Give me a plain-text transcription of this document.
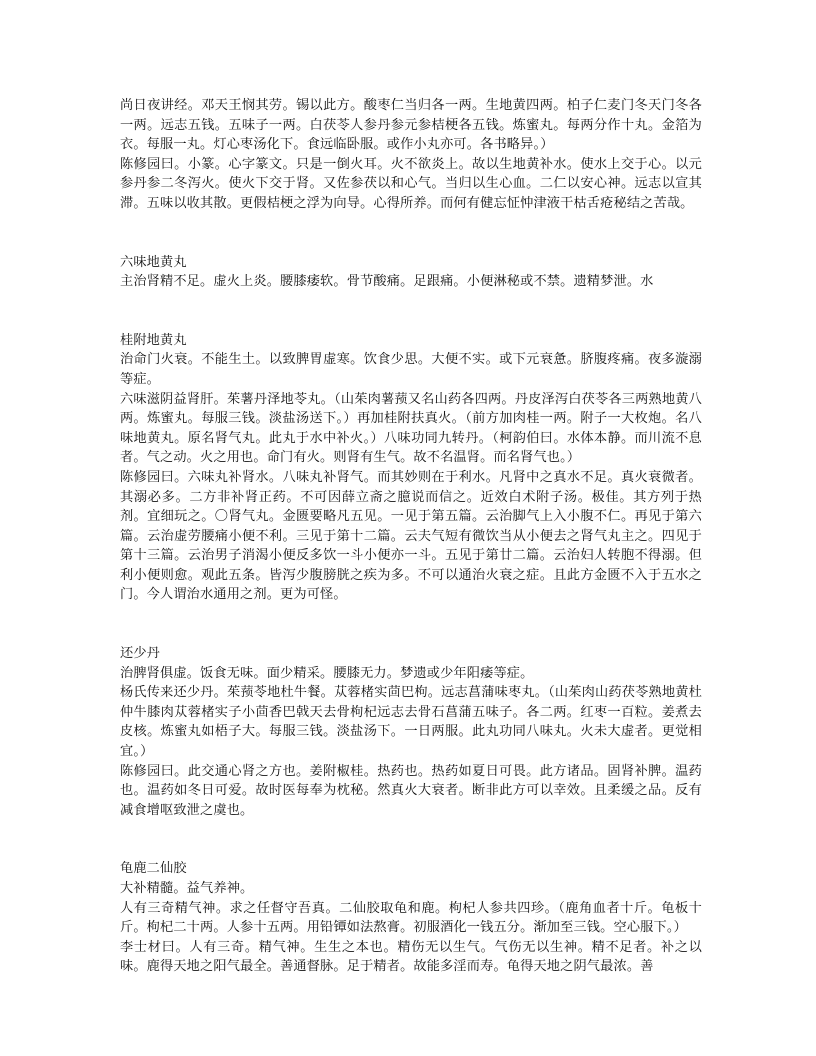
尚日夜讲经。邓天王悯其劳。锡以此方。酸枣仁当归各一两。生地黄四两。柏子仁麦门冬天门冬各一两。远志五钱。五味子一两。白茯苓人参丹参元参桔梗各五钱。炼蜜丸。每两分作十丸。金箔为衣。每服一丸。灯心枣汤化下。食远临卧服。或作小丸亦可。各书略异。）

陈修园曰。小篆。心字篆文。只是一倒火耳。火不欲炎上。故以生地黄补水。使水上交于心。以元参丹参二冬泻火。使火下交于肾。又佐参茯以和心气。当归以生心血。二仁以安心神。远志以宣其滞。五味以收其散。更假桔梗之浮为向导。心得所养。而何有健忘怔忡津液干枯舌疮秘结之苦哉。

六味地黄丸

主治肾精不足。虚火上炎。腰膝痿软。骨节酸痛。足跟痛。小便淋秘或不禁。遗精梦泄。水

桂附地黄丸

治命门火衰。不能生土。以致脾胃虚寒。饮食少思。大便不实。或下元衰惫。脐腹疼痛。夜多漩溺等症。

六味滋阴益肾肝。茱薯丹泽地苓丸。（山茱肉薯蓣又名山药各四两。丹皮泽泻白茯苓各三两熟地黄八两。炼蜜丸。每服三钱。淡盐汤送下。）再加桂附扶真火。（前方加肉桂一两。附子一大枚炮。名八味地黄丸。原名肾气丸。此丸于水中补火。）八味功同九转丹。（柯韵伯曰。水体本静。而川流不息者。气之动。火之用也。命门有火。则肾有生气。故不名温肾。而名肾气也。）

陈修园曰。六味丸补肾水。八味丸补肾气。而其妙则在于利水。凡肾中之真水不足。真火衰微者。其溺必多。二方非补肾正药。不可因薛立斋之臆说而信之。近效白术附子汤。极佳。其方列于热剂。宜细玩之。〇肾气丸。金匮要略凡五见。一见于第五篇。云治脚气上入小腹不仁。再见于第六篇。云治虚劳腰痛小便不利。三见于第十二篇。云夫气短有微饮当从小便去之肾气丸主之。四见于第十三篇。云治男子消渴小便反多饮一斗小便亦一斗。五见于第廿二篇。云治妇人转胞不得溺。但利小便则愈。观此五条。皆泻少腹膀胱之疾为多。不可以通治火衰之症。且此方金匮不入于五水之门。今人谓治水通用之剂。更为可怪。

还少丹

治脾肾俱虚。饭食无味。面少精采。腰膝无力。梦遗或少年阳痿等症。

杨氏传来还少丹。茱蓣苓地杜牛餐。苁蓉楮实茴巴枸。远志菖蒲味枣丸。（山茱肉山药茯苓熟地黄杜仲牛膝肉苁蓉楮实子小茴香巴戟天去骨枸杞远志去骨石菖蒲五味子。各二两。红枣一百粒。姜煮去皮核。炼蜜丸如梧子大。每服三钱。淡盐汤下。一日两服。此丸功同八味丸。火未大虚者。更觉相宜。）

陈修园曰。此交通心肾之方也。姜附椒桂。热药也。热药如夏日可畏。此方诸品。固肾补脾。温药也。温药如冬日可爱。故时医每奉为枕秘。然真火大衰者。断非此方可以幸效。且柔缓之品。反有减食增呕致泄之虞也。

龟鹿二仙胶

大补精髓。益气养神。

人有三奇精气神。求之任督守吾真。二仙胶取龟和鹿。枸杞人参共四珍。（鹿角血者十斤。龟板十斤。枸杞二十两。人参十五两。用铅镡如法熬膏。初服酒化一钱五分。渐加至三钱。空心服下。）

李士材曰。人有三奇。精气神。生生之本也。精伤无以生气。气伤无以生神。精不足者。补之以味。鹿得天地之阳气最全。善通督脉。足于精者。故能多淫而寿。龟得天地之阴气最浓。善
